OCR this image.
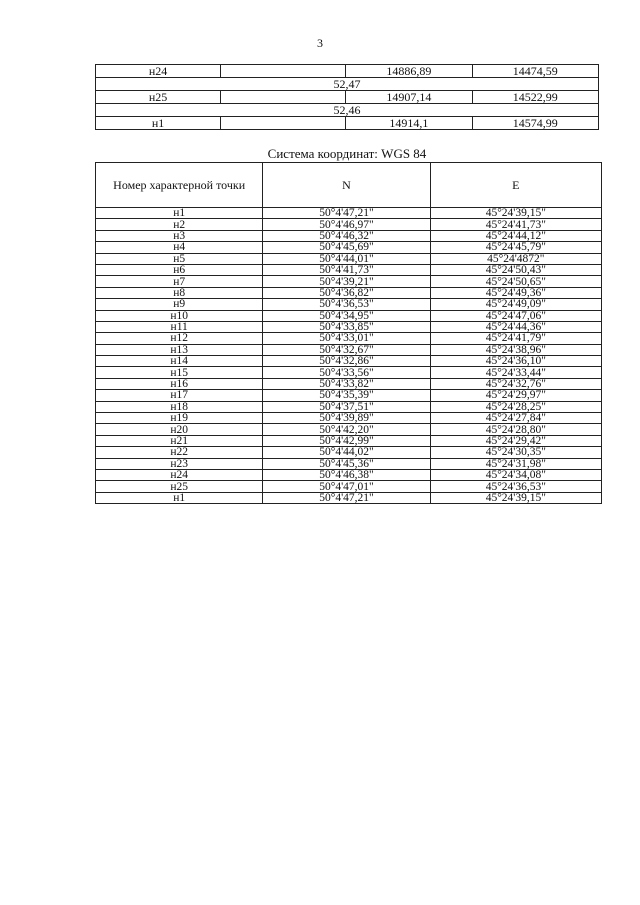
3
н24		14886,89	14474,59
52,47			
н25		14907,14	14522,99
52,46			
н1		14914,1	14574,99
Система координат: WGS 84
Номер характерной точки	N	E
н1	50°4'47,21"	45°24'39,15"
н2	50°4'46,97"	45°24'41,73"
н3	50°4'46,32"	45°24'44,12"
н4	50°4'45,69"	45°24'45,79"
н5	50°4'44,01"	45°24'4872"
н6	50°4'41,73"	45°24'50,43"
н7	50°4'39,21"	45°24'50,65"
н8	50°4'36,82"	45°24'49,36"
н9	50°4'36,53"	45°24'49,09"
н10	50°4'34,95"	45°24'47,06"
н11	50°4'33,85"	45°24'44,36"
н12	50°4'33,01"	45°24'41,79"
н13	50°4'32,67"	45°24'38,96"
н14	50°4'32,86"	45°24'36,10"
н15	50°4'33,56"	45°24'33,44"
н16	50°4'33,82"	45°24'32,76"
н17	50°4'35,39"	45°24'29,97"
н18	50°4'37,51"	45°24'28,25"
н19	50°4'39,89"	45°24'27,84"
н20	50°4'42,20"	45°24'28,80"
н21	50°4'42,99"	45°24'29,42"
н22	50°4'44,02"	45°24'30,35"
н23	50°4'45,36"	45°24'31,98"
н24	50°4'46,38"	45°24'34,08"
н25	50°4'47,01"	45°24'36,53"
н1	50°4'47,21"	45°24'39,15"
